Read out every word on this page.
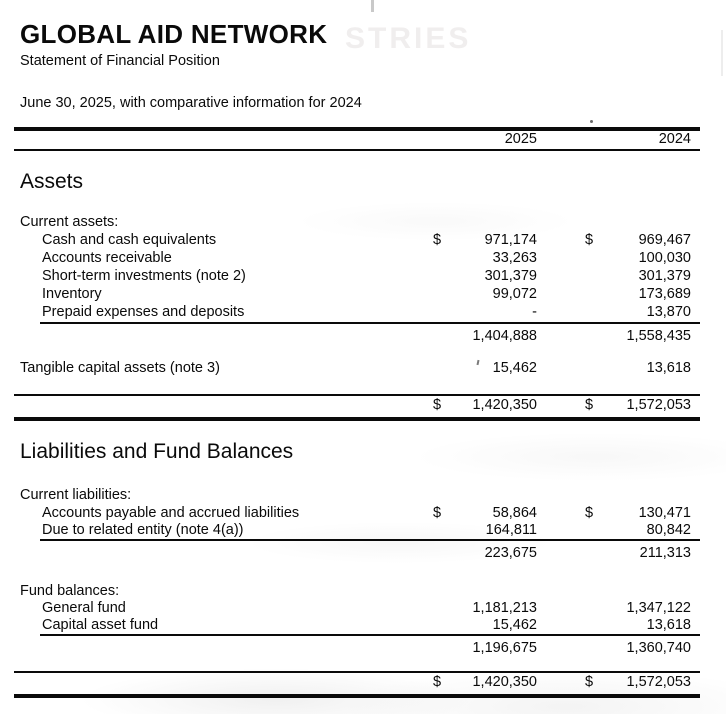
STRIES
GLOBAL AID NETWORK
Statement of Financial Position
June 30, 2025, with comparative information for 2024
2025	2024
Assets
Current assets:
Cash and cash equivalents	$	971,174	$	969,467
Accounts receivable	33,263	100,030
Short-term investments (note 2)	301,379	301,379
Inventory	99,072	173,689
Prepaid expenses and deposits	-	13,870
1,404,888	1,558,435
Tangible capital assets (note 3)	15,462	13,618
$ 1,420,350	$ 1,572,053
Liabilities and Fund Balances
Current liabilities:
Accounts payable and accrued liabilities	$	58,864	$	130,471
Due to related entity (note 4(a))	164,811	80,842
223,675	211,313
Fund balances:
General fund	1,181,213	1,347,122
Capital asset fund	15,462	13,618
1,196,675	1,360,740
$ 1,420,350	$ 1,572,053
